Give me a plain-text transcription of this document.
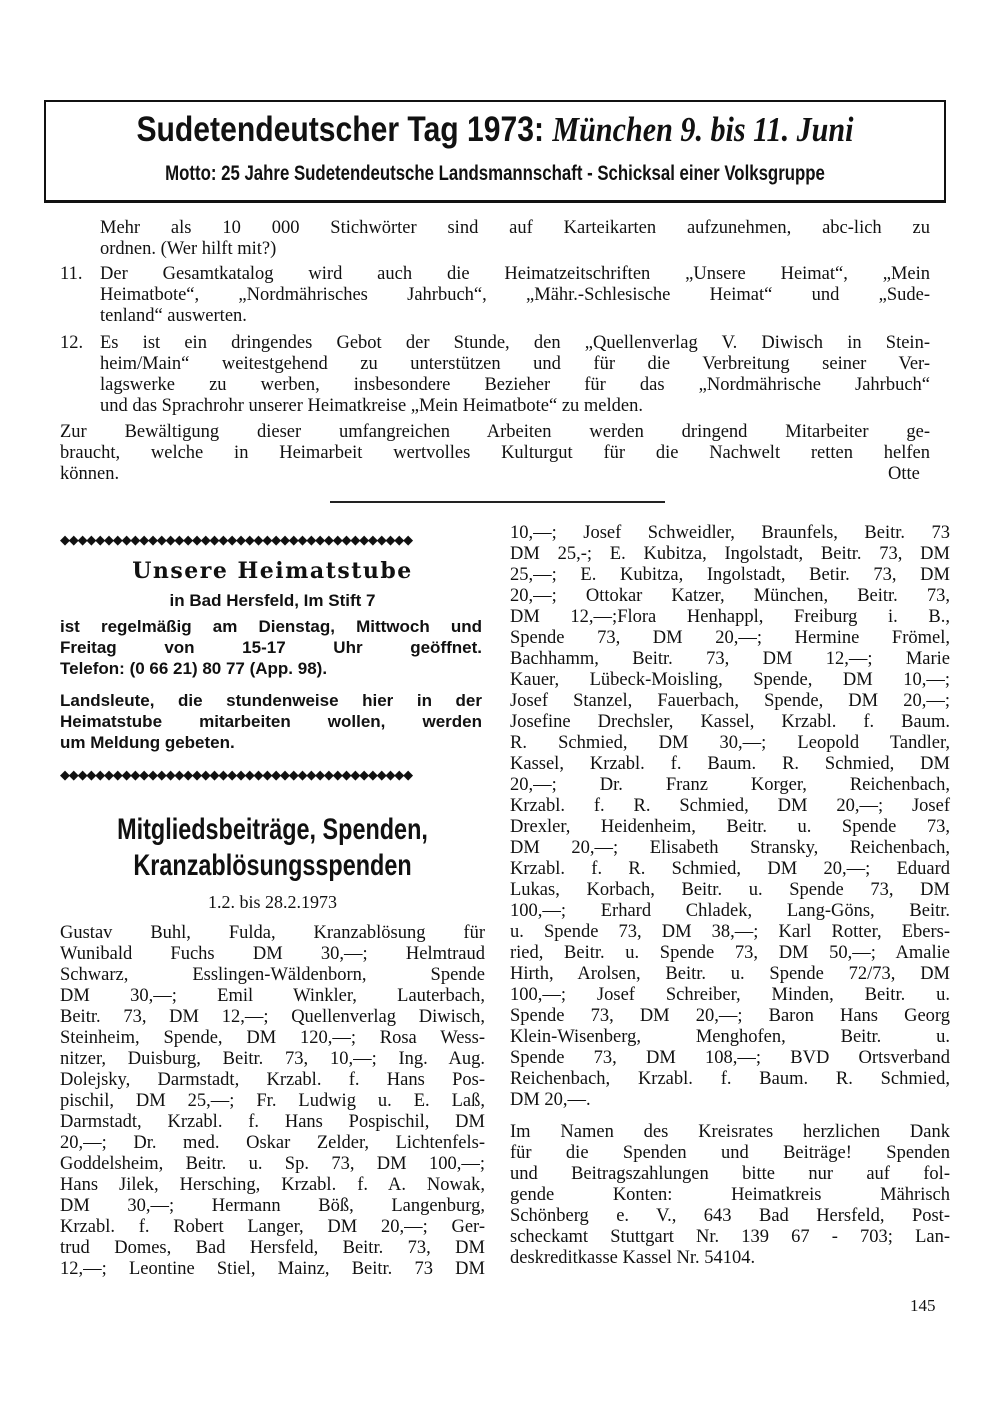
Sudetendeutscher Tag 1973: München 9. bis 11. Juni
Motto: 25 Jahre Sudetendeutsche Landsmannschaft - Schicksal einer Volksgruppe
Mehr als 10 000 Stichwörter sind auf Karteikarten aufzunehmen, abc-lich zu
ordnen. (Wer hilft mit?)
11. Der Gesamtkatalog wird auch die Heimatzeitschriften „Unsere Heimat“, „Mein
Heimatbote“, „Nordmährisches Jahrbuch“, „Mähr.-Schlesische Heimat“ und „Sude-
tenland“ auswerten.
12. Es ist ein dringendes Gebot der Stunde, den „Quellenverlag V. Diwisch in Stein-
heim/Main“ weitestgehend zu unterstützen und für die Verbreitung seiner Ver-
lagswerke zu werben, insbesondere Bezieher für das „Nordmährische Jahrbuch“
und das Sprachrohr unserer Heimatkreise „Mein Heimatbote“ zu melden.
Zur Bewältigung dieser umfangreichen Arbeiten werden dringend Mitarbeiter ge-
braucht, welche in Heimarbeit wertvolles Kulturgut für die Nachwelt retten helfen
können.	Otte
◆◆◆◆◆◆◆◆◆◆◆◆◆◆◆◆◆◆◆◆◆◆◆◆◆◆◆◆◆◆◆◆◆◆◆◆◆◆◆◆
Unsere Heimatstube
in Bad Hersfeld, Im Stift 7
ist regelmäßig am Dienstag, Mittwoch und
Freitag von 15-17 Uhr geöffnet.
Telefon: (0 66 21) 80 77 (App. 98).
Landsleute, die stundenweise hier in der
Heimatstube mitarbeiten wollen, werden
um Meldung gebeten.
◆◆◆◆◆◆◆◆◆◆◆◆◆◆◆◆◆◆◆◆◆◆◆◆◆◆◆◆◆◆◆◆◆◆◆◆◆◆◆◆
Mitgliedsbeiträge, Spenden,
Kranzablösungsspenden
1.2. bis 28.2.1973
Gustav Buhl, Fulda, Kranzablösung für
Wunibald Fuchs DM 30,—; Helmtraud
Schwarz, Esslingen-Wäldenborn, Spende
DM 30,—; Emil Winkler, Lauterbach,
Beitr. 73, DM 12,—; Quellenverlag Diwisch,
Steinheim, Spende, DM 120,—; Rosa Wess-
nitzer, Duisburg, Beitr. 73, 10,—; Ing. Aug.
Dolejsky, Darmstadt, Krzabl. f. Hans Pos-
pischil, DM 25,—; Fr. Ludwig u. E. Laß,
Darmstadt, Krzabl. f. Hans Pospischil, DM
20,—; Dr. med. Oskar Zelder, Lichtenfels-
Goddelsheim, Beitr. u. Sp. 73, DM 100,—;
Hans Jilek, Hersching, Krzabl. f. A. Nowak,
DM 30,—; Hermann Böß, Langenburg,
Krzabl. f. Robert Langer, DM 20,—; Ger-
trud Domes, Bad Hersfeld, Beitr. 73, DM
12,—; Leontine Stiel, Mainz, Beitr. 73 DM
10,—; Josef Schweidler, Braunfels, Beitr. 73
DM 25,-; E. Kubitza, Ingolstadt, Beitr. 73, DM
25,—; E. Kubitza, Ingolstadt, Betir. 73, DM
20,—; Ottokar Katzer, München, Beitr. 73,
DM 12,—;Flora Henhappl, Freiburg i. B.,
Spende 73, DM 20,—; Hermine Frömel,
Bachhamm, Beitr. 73, DM 12,—; Marie
Kauer, Lübeck-Moisling, Spende, DM 10,—;
Josef Stanzel, Fauerbach, Spende, DM 20,—;
Josefine Drechsler, Kassel, Krzabl. f. Baum.
R. Schmied, DM 30,—; Leopold Tandler,
Kassel, Krzabl. f. Baum. R. Schmied, DM
20,—; Dr. Franz Korger, Reichenbach,
Krzabl. f. R. Schmied, DM 20,—; Josef
Drexler, Heidenheim, Beitr. u. Spende 73,
DM 20,—; Elisabeth Stransky, Reichenbach,
Krzabl. f. R. Schmied, DM 20,—; Eduard
Lukas, Korbach, Beitr. u. Spende 73, DM
100,—; Erhard Chladek, Lang-Göns, Beitr.
u. Spende 73, DM 38,—; Karl Rotter, Ebers-
ried, Beitr. u. Spende 73, DM 50,—; Amalie
Hirth, Arolsen, Beitr. u. Spende 72/73, DM
100,—; Josef Schreiber, Minden, Beitr. u.
Spende 73, DM 20,—; Baron Hans Georg
Klein-Wisenberg, Menghofen, Beitr. u.
Spende 73, DM 108,—; BVD Ortsverband
Reichenbach, Krzabl. f. Baum. R. Schmied,
DM 20,—.
Im Namen des Kreisrates herzlichen Dank
für die Spenden und Beiträge! Spenden
und Beitragszahlungen bitte nur auf fol-
gende Konten: Heimatkreis Mährisch
Schönberg e. V., 643 Bad Hersfeld, Post-
scheckamt Stuttgart Nr. 139 67 - 703; Lan-
deskreditkasse Kassel Nr. 54104.
145
